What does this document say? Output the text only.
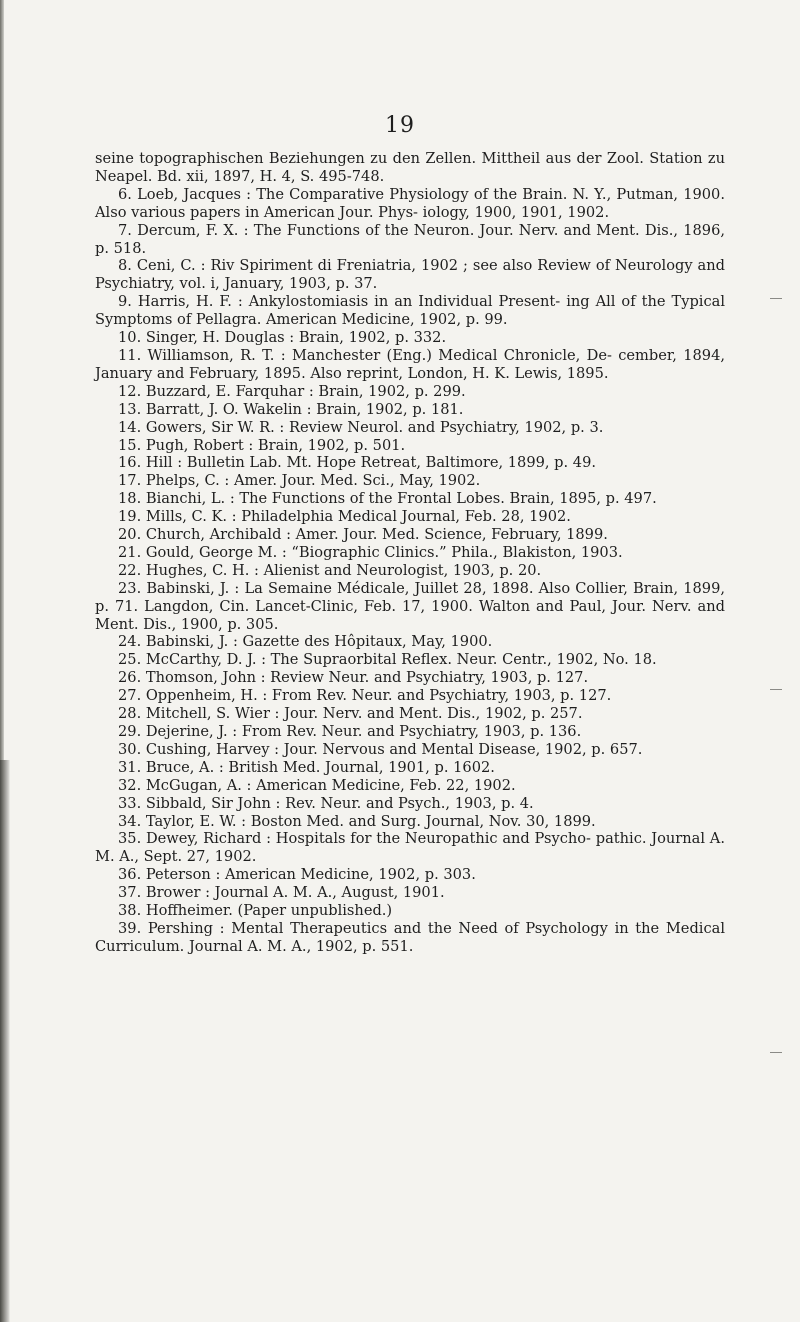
19

seine topographischen Beziehungen zu den Zellen. Mittheil aus der Zool. Station zu Neapel. Bd. xii, 1897, H. 4, S. 495-748.

6. Loeb, Jacques : The Comparative Physiology of the Brain. N. Y., Putman, 1900. Also various papers in American Jour. Phys- iology, 1900, 1901, 1902.

7. Dercum, F. X. : The Functions of the Neuron. Jour. Nerv. and Ment. Dis., 1896, p. 518.

8. Ceni, C. : Riv Spiriment di Freniatria, 1902 ; see also Review of Neurology and Psychiatry, vol. i, January, 1903, p. 37.

9. Harris, H. F. : Ankylostomiasis in an Individual Present- ing All of the Typical Symptoms of Pellagra. American Medicine, 1902, p. 99.

10. Singer, H. Douglas : Brain, 1902, p. 332.

11. Williamson, R. T. : Manchester (Eng.) Medical Chronicle, De- cember, 1894, January and February, 1895. Also reprint, London, H. K. Lewis, 1895.

12. Buzzard, E. Farquhar : Brain, 1902, p. 299.

13. Barratt, J. O. Wakelin : Brain, 1902, p. 181.

14. Gowers, Sir W. R. : Review Neurol. and Psychiatry, 1902, p. 3.

15. Pugh, Robert : Brain, 1902, p. 501.

16. Hill : Bulletin Lab. Mt. Hope Retreat, Baltimore, 1899, p. 49.

17. Phelps, C. : Amer. Jour. Med. Sci., May, 1902.

18. Bianchi, L. : The Functions of the Frontal Lobes. Brain, 1895, p. 497.

19. Mills, C. K. : Philadelphia Medical Journal, Feb. 28, 1902.

20. Church, Archibald : Amer. Jour. Med. Science, February, 1899.

21. Gould, George M. : “Biographic Clinics.” Phila., Blakiston, 1903.

22. Hughes, C. H. : Alienist and Neurologist, 1903, p. 20.

23. Babinski, J. : La Semaine Médicale, Juillet 28, 1898. Also Collier, Brain, 1899, p. 71. Langdon, Cin. Lancet-Clinic, Feb. 17, 1900. Walton and Paul, Jour. Nerv. and Ment. Dis., 1900, p. 305.

24. Babinski, J. : Gazette des Hôpitaux, May, 1900.

25. McCarthy, D. J. : The Supraorbital Reflex. Neur. Centr., 1902, No. 18.

26. Thomson, John : Review Neur. and Psychiatry, 1903, p. 127.

27. Oppenheim, H. : From Rev. Neur. and Psychiatry, 1903, p. 127.

28. Mitchell, S. Wier : Jour. Nerv. and Ment. Dis., 1902, p. 257.

29. Dejerine, J. : From Rev. Neur. and Psychiatry, 1903, p. 136.

30. Cushing, Harvey : Jour. Nervous and Mental Disease, 1902, p. 657.

31. Bruce, A. : British Med. Journal, 1901, p. 1602.

32. McGugan, A. : American Medicine, Feb. 22, 1902.

33. Sibbald, Sir John : Rev. Neur. and Psych., 1903, p. 4.

34. Taylor, E. W. : Boston Med. and Surg. Journal, Nov. 30, 1899.

35. Dewey, Richard : Hospitals for the Neuropathic and Psycho- pathic. Journal A. M. A., Sept. 27, 1902.

36. Peterson : American Medicine, 1902, p. 303.

37. Brower : Journal A. M. A., August, 1901.

38. Hoffheimer. (Paper unpublished.)

39. Pershing : Mental Therapeutics and the Need of Psychology in the Medical Curriculum. Journal A. M. A., 1902, p. 551.
